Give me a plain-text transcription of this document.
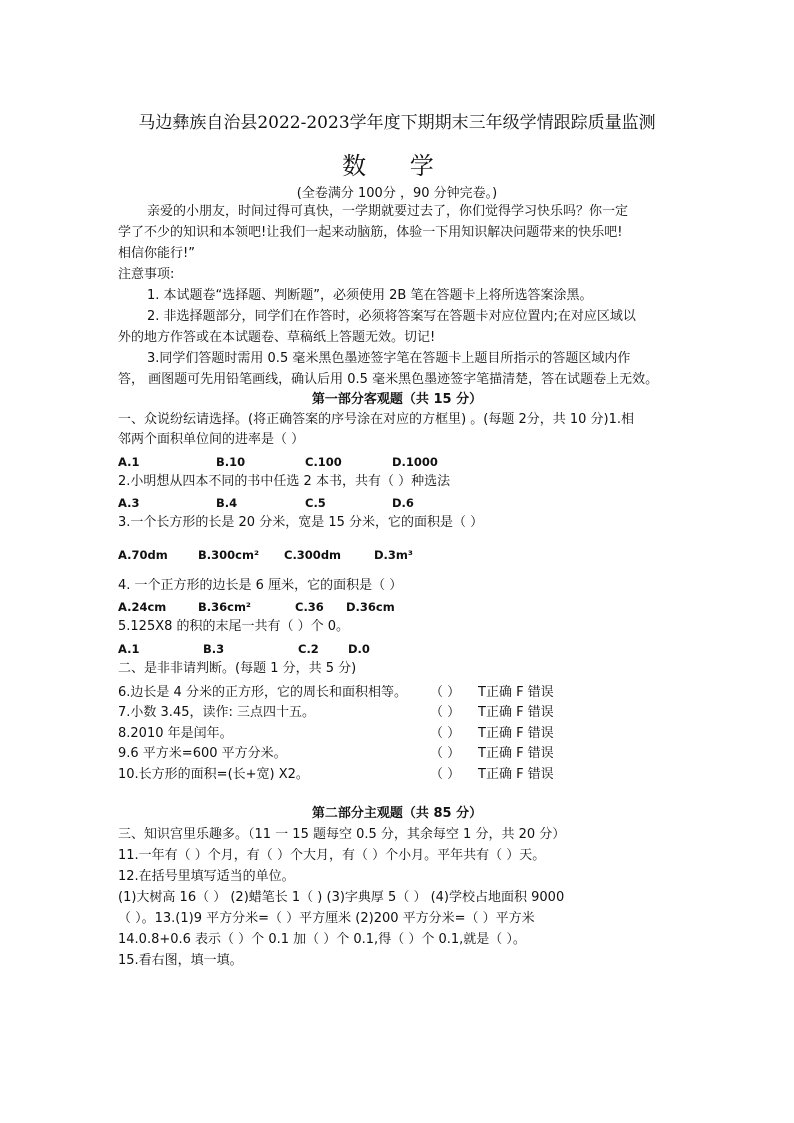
马边彝族自治县2022-2023学年度下期期末三年级学情跟踪质量监测
数 学
(全卷满分 100分 ，90 分钟完卷。)
亲爱的小朋友，时间过得可真快，一学期就要过去了，你们觉得学习快乐吗？你一定
学了不少的知识和本领吧!让我们一起来动脑筋，体验一下用知识解决问题带来的快乐吧!
相信你能行!”
注意事项:
1. 本试题卷“选择题、判断题”，必须使用 2B 笔在答题卡上将所选答案涂黑。
2. 非选择题部分，同学们在作答时，必须将答案写在答题卡对应位置内;在对应区域以
外的地方作答或在本试题卷、草稿纸上答题无效。切记!
3.同学们答题时需用 0.5 毫米黑色墨迹签字笔在答题卡上题目所指示的答题区域内作
答， 画图题可先用铅笔画线，确认后用 0.5 毫米黑色墨迹签字笔描清楚，答在试题卷上无效。
第一部分客观题（共 15 分）
一、众说纷纭请选择。(将正确答案的序号涂在对应的方框里) 。(每题 2分，共 10 分)1.相
邻两个面积单位间的进率是（ ）
A.1	B.10	C.100	D.1000
2.小明想从四本不同的书中任选 2 本书，共有（ ）种选法
A.3	B.4	C.5	D.6
3.一个长方形的长是 20 分米，宽是 15 分米，它的面积是（ ）
A.70dm	B.300cm² C.300dm	D.3m³
4. 一个正方形的边长是 6 厘米，它的面积是（ ）
A.24cm	B.36cm²	C.36 D.36cm
5.125X8 的积的末尾一共有（ ）个 0。
A.1	B.3	C.2	D.0
二、是非非请判断。(每题 1 分，共 5 分)
6.边长是 4 分米的正方形，它的周长和面积相等。 （ ） T正确 F 错误
7.小数 3.45，读作: 三点四十五。	（ ） T正确 F 错误
8.2010 年是闰年。	（ ） T正确 F 错误
9.6 平方米=600 平方分米。	（ ） T正确 F 错误
10.长方形的面积=(长+宽) X2。	（ ） T正确 F 错误
第二部分主观题（共 85 分）
三、知识宫里乐趣多。（11 一 15 题每空 0.5 分，其余每空 1 分，共 20 分）
11.一年有（ ）个月，有（ ）个大月，有（ ）个小月。平年共有（ ）天。
12.在括号里填写适当的单位。
(1)大树高 16（ ） (2)蜡笔长 1（ ) (3)字典厚 5（ ） (4)学校占地面积 9000
（ ）。13.(1)9 平方分米=（ ）平方厘米 (2)200 平方分米=（ ）平方米
14.0.8+0.6 表示（ ）个 0.1 加（ ）个 0.1,得（ ）个 0.1,就是（ ）。
15.看右图，填一填。
